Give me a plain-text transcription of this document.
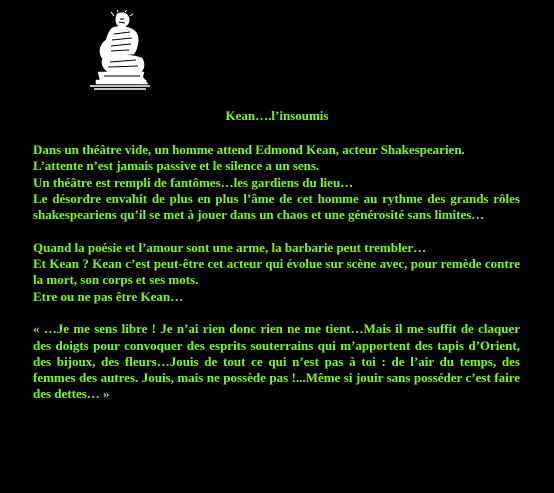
Kean….l’insoumis
Dans un théâtre vide, un homme attend Edmond Kean, acteur Shakespearien.
L’attente n’est jamais passive et le silence a un sens.
Un théâtre est rempli de fantômes…les gardiens du lieu…
Le désordre envahit de plus en plus l’âme de cet homme au rythme des grands rôles shakespeariens qu’il se met à jouer dans un chaos et une générosité sans limites…
Quand la poésie et l’amour sont une arme, la barbarie peut trembler…
Et Kean ? Kean c’est peut-être cet acteur qui évolue sur scène avec, pour remède contre la mort, son corps et ses mots.
Etre ou ne pas être Kean…
« …Je me sens libre ! Je n’ai rien donc rien ne me tient…Mais il me suffit de claquer des doigts pour convoquer des esprits souterrains qui m’apportent des tapis d’Orient, des bijoux, des fleurs…Jouis de tout ce qui n’est pas à toi : de l’air du temps, des femmes des autres. Jouis, mais ne possède pas !...Même si jouir sans posséder c’est faire des dettes… »
